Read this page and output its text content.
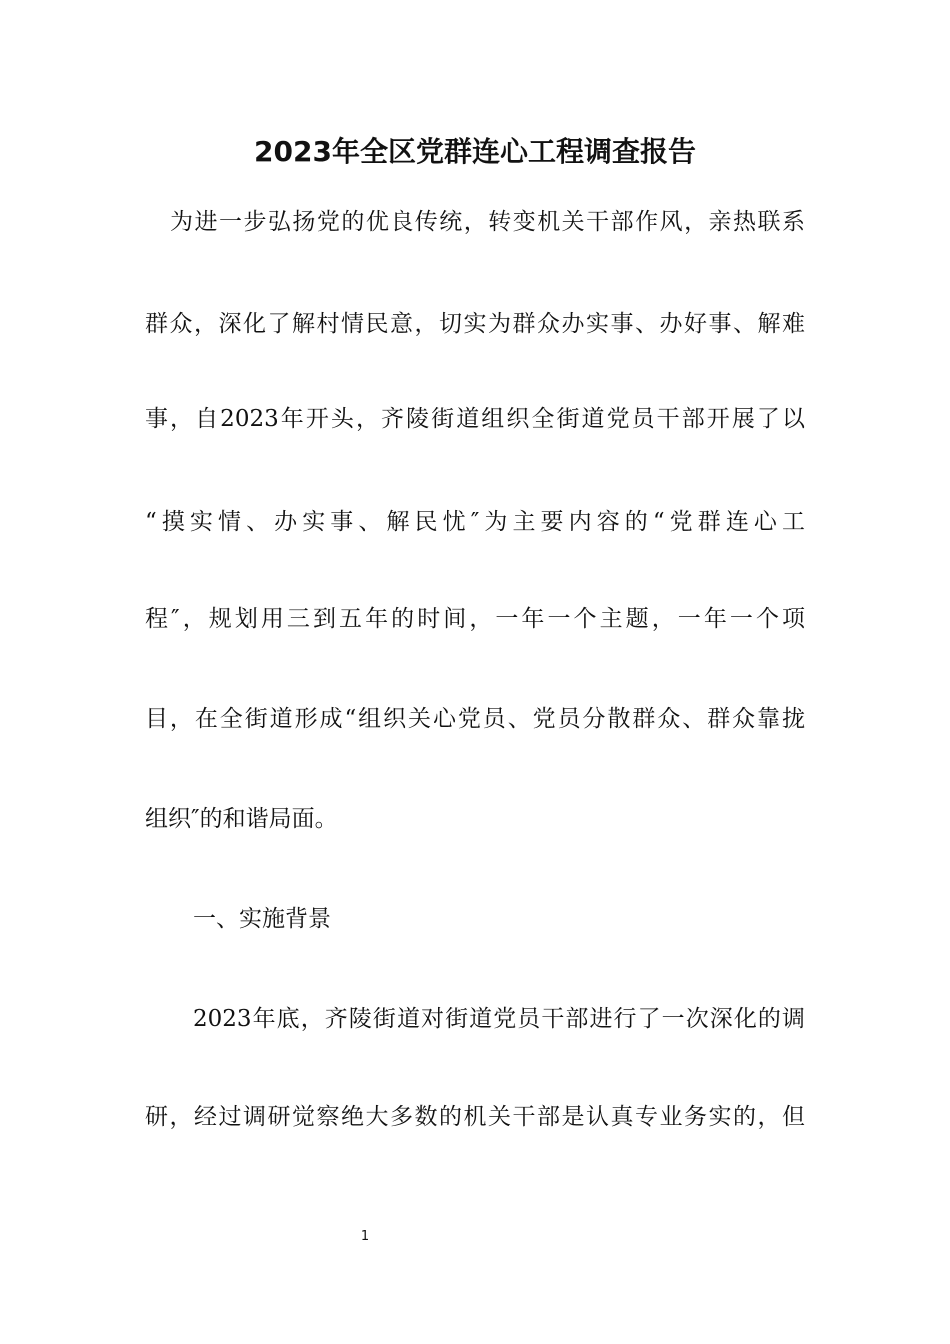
2023年全区党群连心工程调查报告
为进一步弘扬党的优良传统，转变机关干部作风，亲热联系
群众，深化了解村情民意，切实为群众办实事、办好事、解难
事，自2023年开头，齐陵街道组织全街道党员干部开展了以
“摸实情、办实事、解民忧″为主要内容的“党群连心工
程″，规划用三到五年的时间，一年一个主题，一年一个项
目，在全街道形成“组织关心党员、党员分散群众、群众靠拢
组织″的和谐局面。
一、实施背景
2023年底，齐陵街道对街道党员干部进行了一次深化的调
研，经过调研觉察绝大多数的机关干部是认真专业务实的，但
1
